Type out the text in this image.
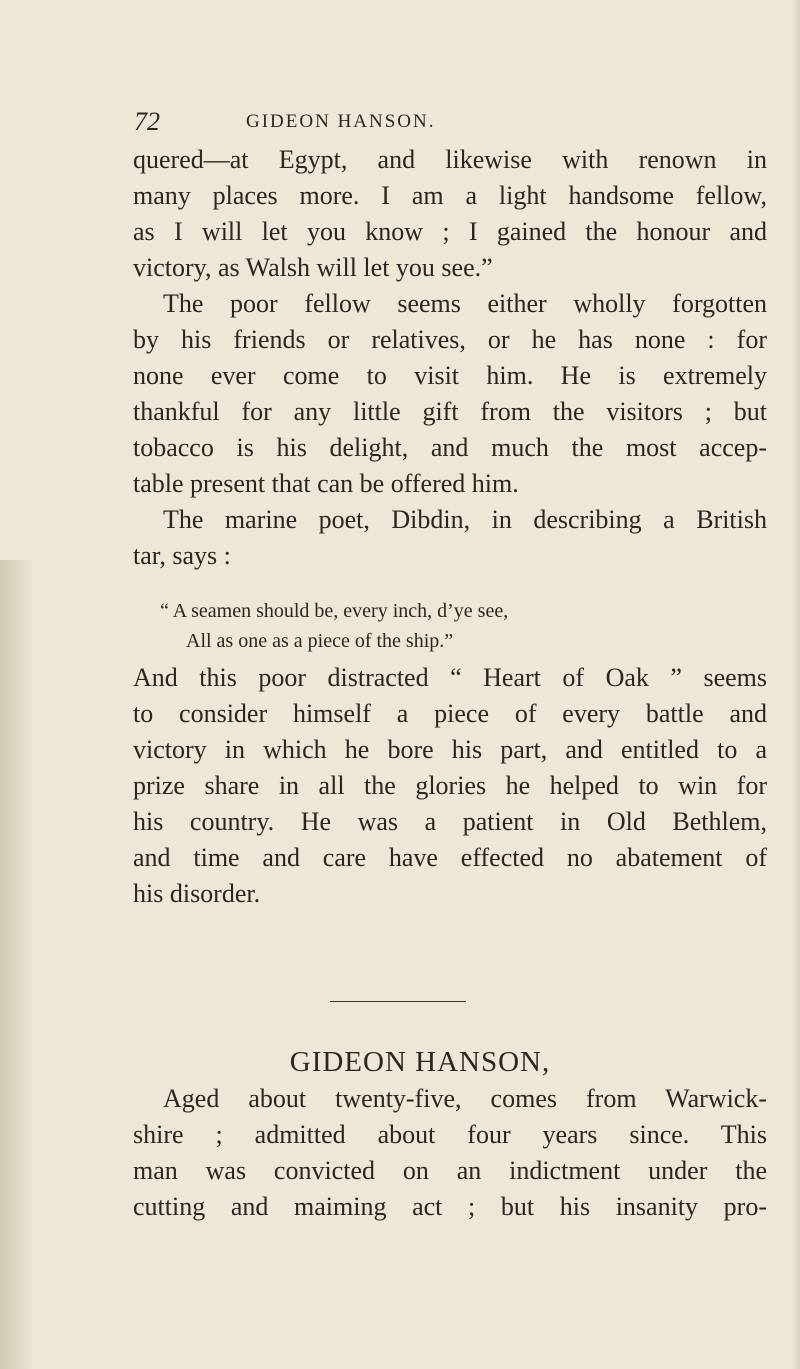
72	GIDEON HANSON.
quered—at Egypt, and likewise with renown in
many places more. I am a light handsome fellow,
as I will let you know ; I gained the honour and
victory, as Walsh will let you see.”
The poor fellow seems either wholly forgotten
by his friends or relatives, or he has none : for
none ever come to visit him. He is extremely
thankful for any little gift from the visitors ; but
tobacco is his delight, and much the most accep-
table present that can be offered him.
The marine poet, Dibdin, in describing a British
tar, says :
“ A seamen should be, every inch, d’ye see,
All as one as a piece of the ship.”
And this poor distracted “ Heart of Oak ” seems
to consider himself a piece of every battle and
victory in which he bore his part, and entitled to a
prize share in all the glories he helped to win for
his country. He was a patient in Old Bethlem,
and time and care have effected no abatement of
his disorder.
GIDEON HANSON,
Aged about twenty-five, comes from Warwick-
shire ; admitted about four years since. This
man was convicted on an indictment under the
cutting and maiming act ; but his insanity pro-
